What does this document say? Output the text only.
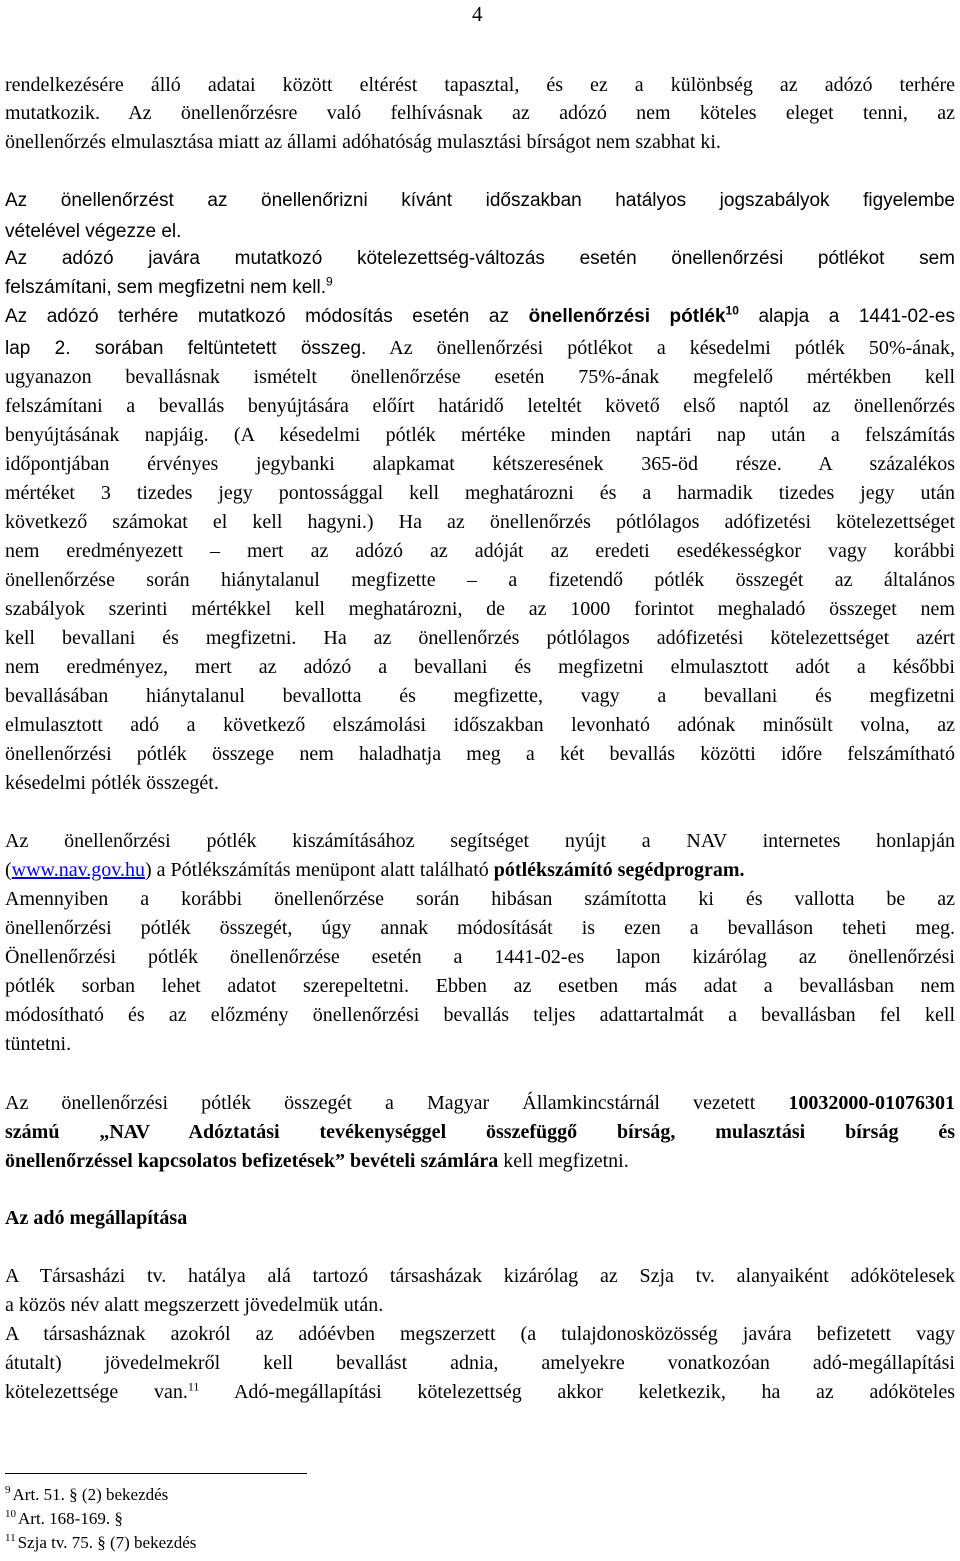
4

rendelkezésére álló adatai között eltérést tapasztal, és ez a különbség az adózó terhére

mutatkozik. Az önellenőrzésre való felhívásnak az adózó nem köteles eleget tenni, az

önellenőrzés elmulasztása miatt az állami adóhatóság mulasztási bírságot nem szabhat ki.

Az önellenőrzést az önellenőrizni kívánt időszakban hatályos jogszabályok figyelembe

vételével végezze el.

Az adózó javára mutatkozó kötelezettség-változás esetén önellenőrzési pótlékot sem

felszámítani, sem megfizetni nem kell.$^9$

Az adózó terhére mutatkozó módosítás esetén az önellenőrzési pótlék$^{10}$ alapja a 1441-02-es

lap 2. sorában feltüntetett összeg. Az önellenőrzési pótlékot a késedelmi pótlék 50%-ának,

ugyanazon bevallásnak ismételt önellenőrzése esetén 75%-ának megfelelő mértékben kell

felszámítani a bevallás benyújtására előírt határidő leteltét követő első naptól az önellenőrzés

benyújtásának napjáig. (A késedelmi pótlék mértéke minden naptári nap után a felszámítás

időpontjában érvényes jegybanki alapkamat kétszeresének 365-öd része. A százalékos

mértéket 3 tizedes jegy pontossággal kell meghatározni és a harmadik tizedes jegy után

következő számokat el kell hagyni.) Ha az önellenőrzés pótlólagos adófizetési kötelezettséget

nem eredményezett – mert az adózó az adóját az eredeti esedékességkor vagy korábbi

önellenőrzése során hiánytalanul megfizette – a fizetendő pótlék összegét az általános

szabályok szerinti mértékkel kell meghatározni, de az 1000 forintot meghaladó összeget nem

kell bevallani és megfizetni. Ha az önellenőrzés pótlólagos adófizetési kötelezettséget azért

nem eredményez, mert az adózó a bevallani és megfizetni elmulasztott adót a későbbi

bevallásában hiánytalanul bevallotta és megfizette, vagy a bevallani és megfizetni

elmulasztott adó a következő elszámolási időszakban levonható adónak minősült volna, az

önellenőrzési pótlék összege nem haladhatja meg a két bevallás közötti időre felszámítható

késedelmi pótlék összegét.

Az önellenőrzési pótlék kiszámításához segítséget nyújt a NAV internetes honlapján

(www.nav.gov.hu) a Pótlékszámítás menüpont alatt található pótlékszámító segédprogram.

Amennyiben a korábbi önellenőrzése során hibásan számította ki és vallotta be az

önellenőrzési pótlék összegét, úgy annak módosítását is ezen a bevalláson teheti meg.

Önellenőrzési pótlék önellenőrzése esetén a 1441-02-es lapon kizárólag az önellenőrzési

pótlék sorban lehet adatot szerepeltetni. Ebben az esetben más adat a bevallásban nem

módosítható és az előzmény önellenőrzési bevallás teljes adattartalmát a bevallásban fel kell

tüntetni.

Az önellenőrzési pótlék összegét a Magyar Államkincstárnál vezetett 10032000-01076301

számú „NAV Adóztatási tevékenységgel összefüggő bírság, mulasztási bírság és

önellenőrzéssel kapcsolatos befizetések” bevételi számlára kell megfizetni.

Az adó megállapítása

A Társasházi tv. hatálya alá tartozó társasházak kizárólag az Szja tv. alanyaiként adókötelesek

a közös név alatt megszerzett jövedelmük után.

A társasháznak azokról az adóévben megszerzett (a tulajdonosközösség javára befizetett vagy

átutalt) jövedelmekről kell bevallást adnia, amelyekre vonatkozóan adó-megállapítási

kötelezettsége van.$^{11}$ Adó-megállapítási kötelezettség akkor keletkezik, ha az adóköteles

$^9$ Art. 51. § (2) bekezdés
$^{10}$ Art. 168-169. §
$^{11}$ Szja tv. 75. § (7) bekezdés
